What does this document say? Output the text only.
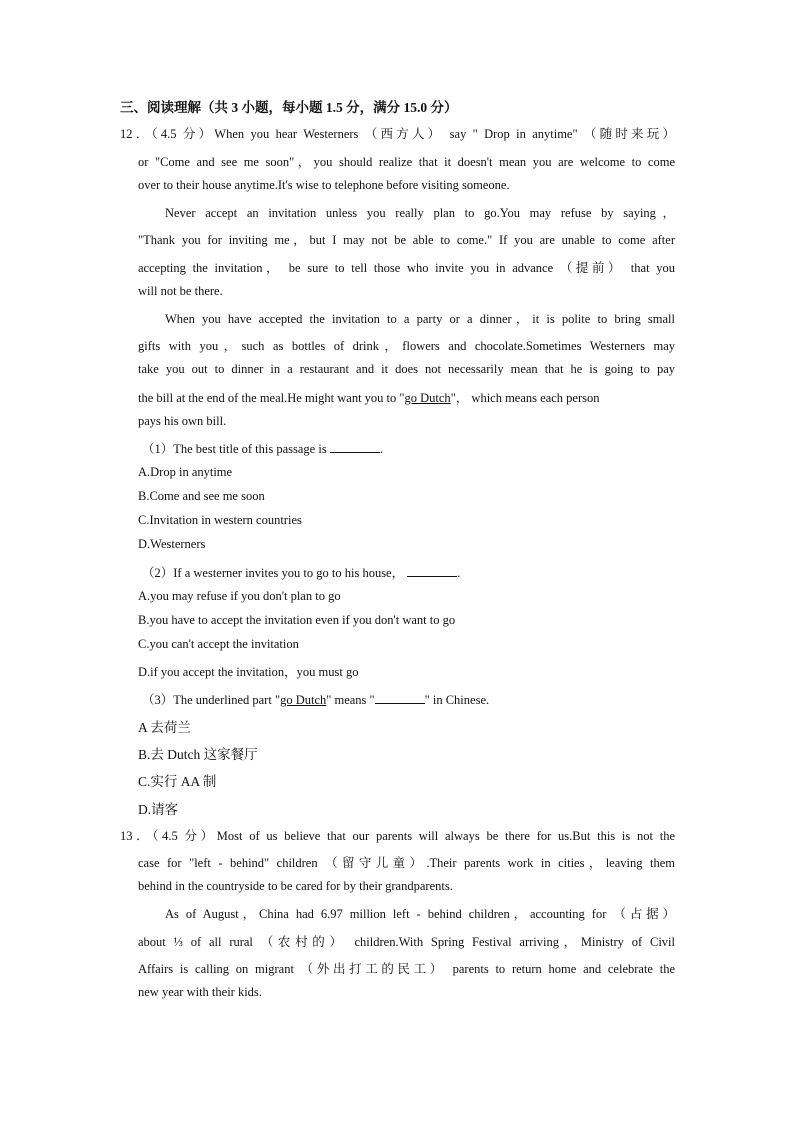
三、阅读理解（共 3 小题，每小题 1.5 分，满分 15.0 分）
12．（4.5 分）When you hear Westerners （西方人） say " Drop in anytime" （随时来玩）
or "Come and see me soon"，you should realize that it doesn't mean you are welcome to come
over to their house anytime.It's wise to telephone before visiting someone.
Never accept an invitation unless you really plan to go.You may refuse by saying，
"Thank you for inviting me，but I may not be able to come." If you are unable to come after
accepting the invitation， be sure to tell those who invite you in advance （提前） that you
will not be there.
When you have accepted the invitation to a party or a dinner，it is polite to bring small
gifts with you，such as bottles of drink，flowers and chocolate.Sometimes Westerners may
take you out to dinner in a restaurant and it does not necessarily mean that he is going to pay
the bill at the end of the meal.He might want you to "go Dutch"， which means each person
pays his own bill.
（1）The best title of this passage is	.
A.Drop in anytime
B.Come and see me soon
C.Invitation in western countries
D.Westerners
（2）If a westerner invites you to go to his house，	.
A.you may refuse if you don't plan to go
B.you have to accept the invitation even if you don't want to go
C.you can't accept the invitation
D.if you accept the invitation，you must go
（3）The underlined part "go Dutch" means "	" in Chinese.
A 去荷兰
B.去 Dutch 这家餐厅
C.实行 AA 制
D.请客
13．（4.5 分）Most of us believe that our parents will always be there for us.But this is not the
case for "left - behind" children （留守儿童）.Their parents work in cities，leaving them
behind in the countryside to be cared for by their grandparents.
As of August，China had 6.97 million left - behind children，accounting for （占据）
about ⅓ of all rural （农村的） children.With Spring Festival arriving，Ministry of Civil
Affairs is calling on migrant （外出打工的民工） parents to return home and celebrate the
new year with their kids.
